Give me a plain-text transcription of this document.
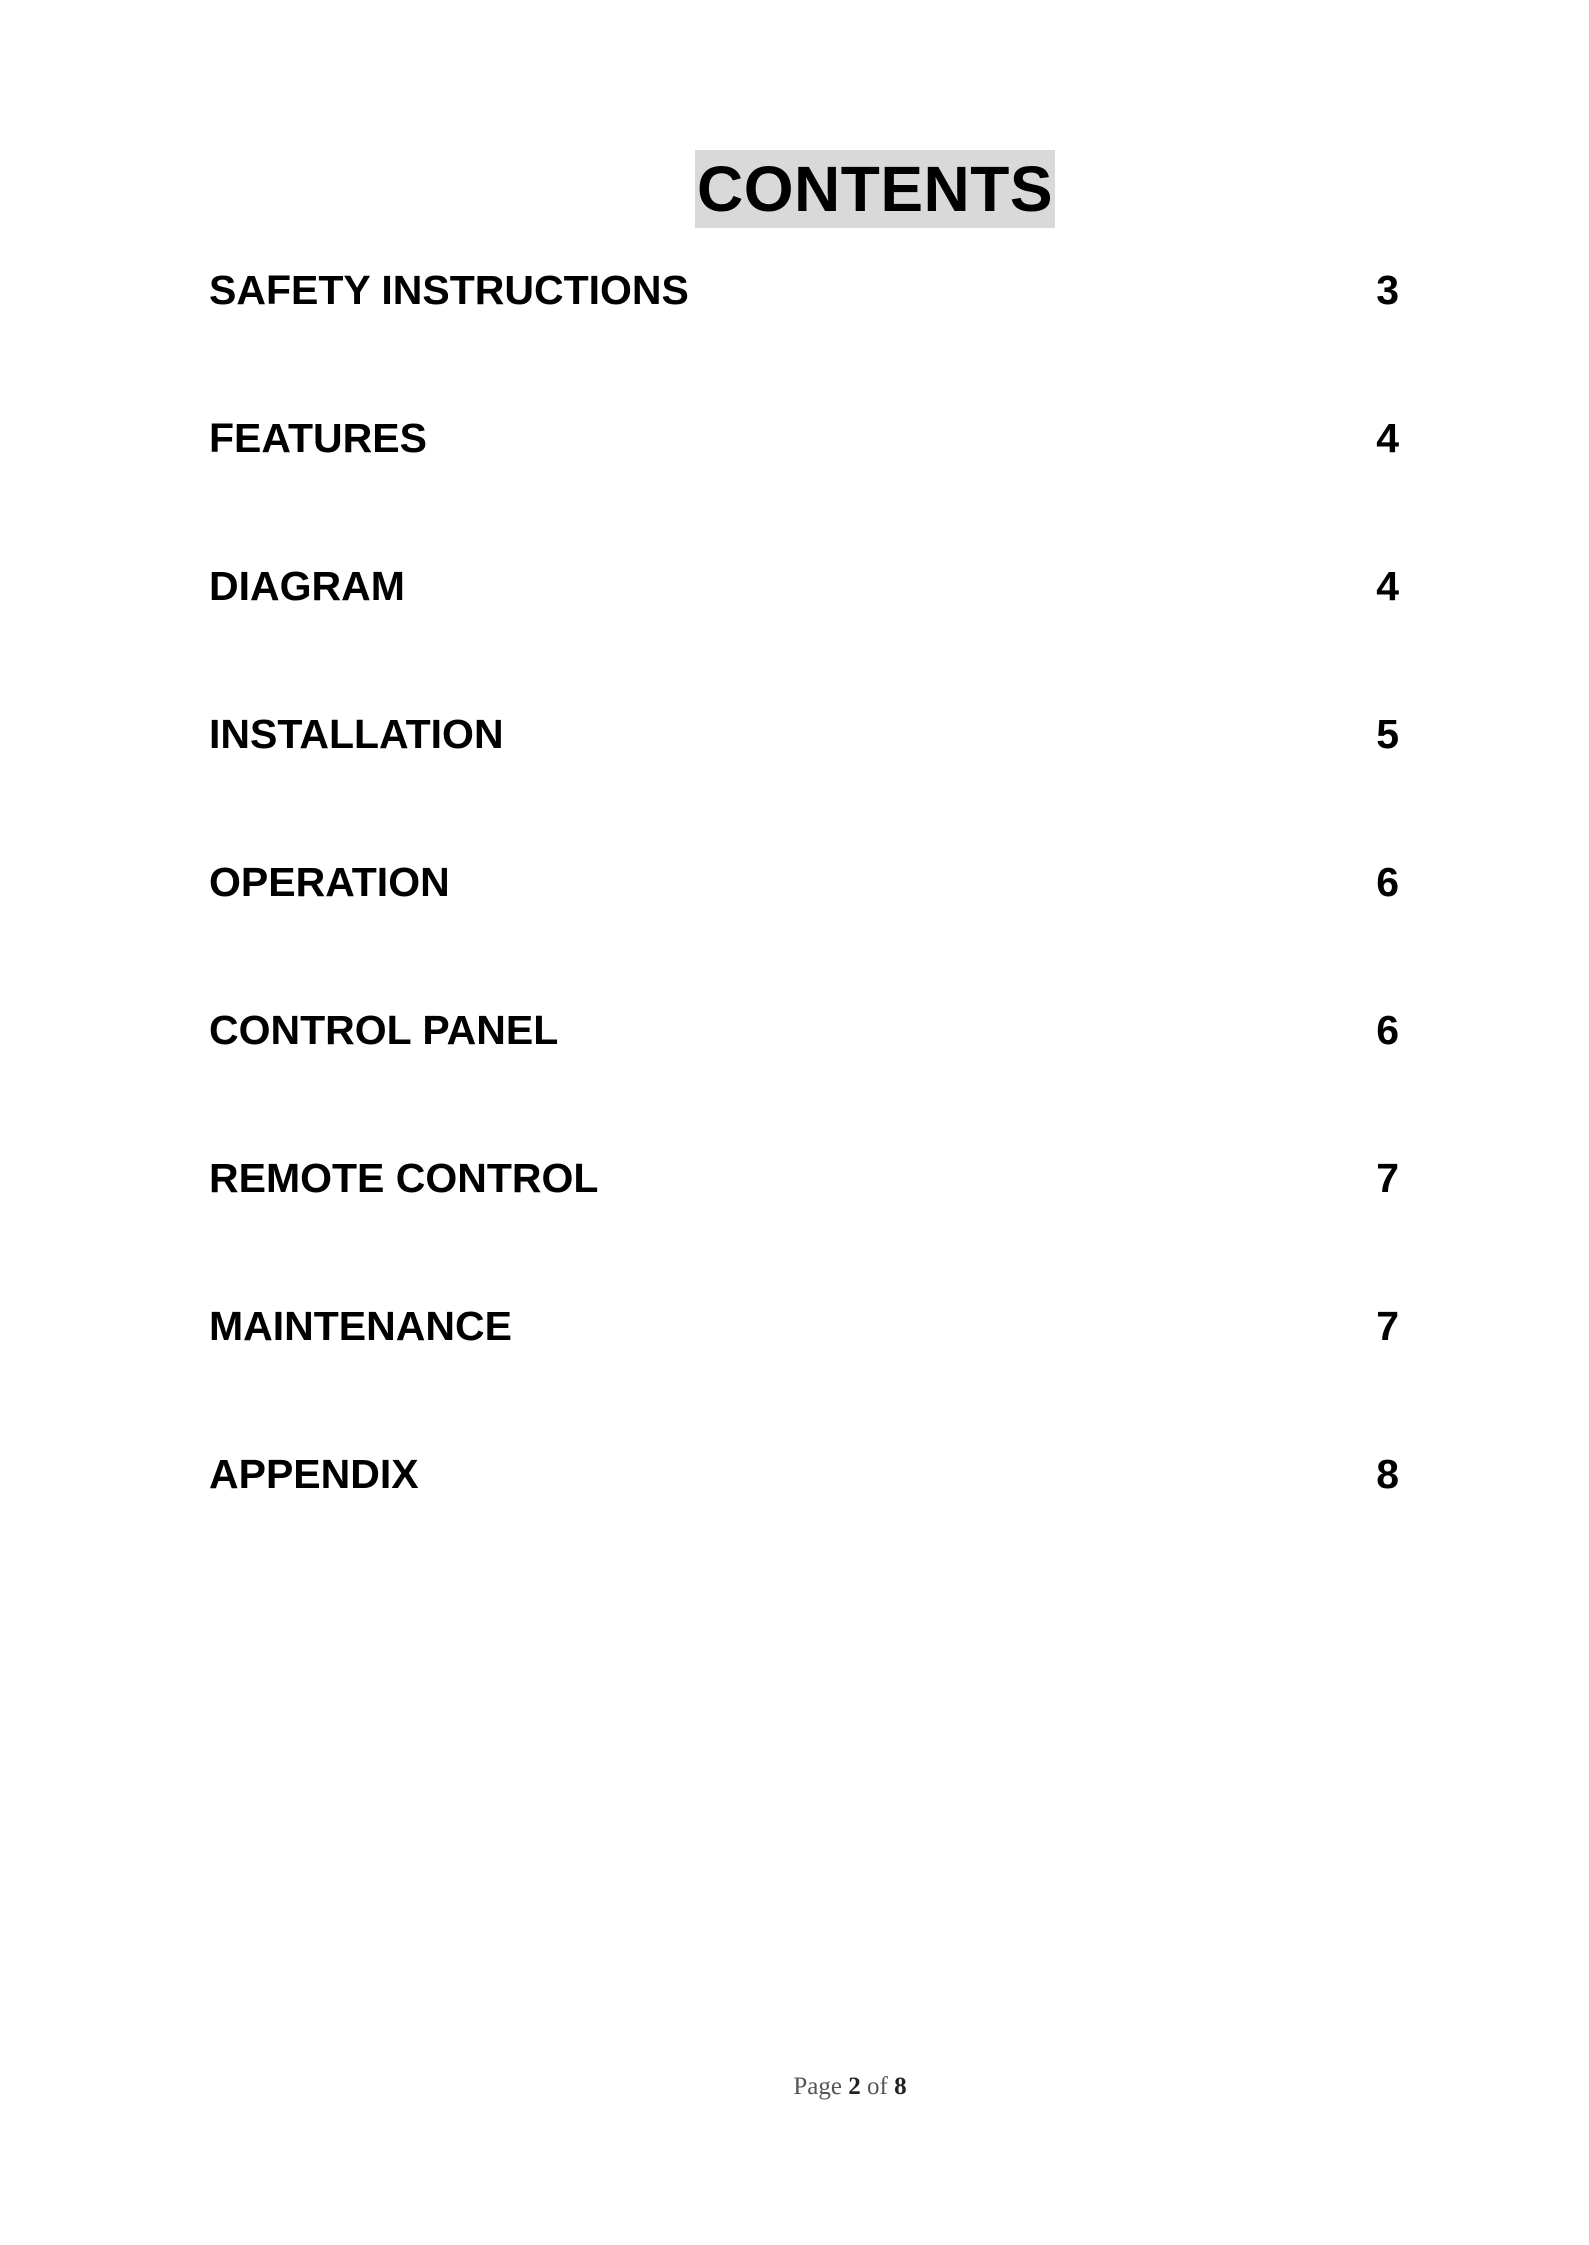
CONTENTS
SAFETY INSTRUCTIONS	3
FEATURES	4
DIAGRAM	4
INSTALLATION	5
OPERATION	6
CONTROL PANEL	6
REMOTE CONTROL	7
MAINTENANCE	7
APPENDIX	8
Page 2 of 8
